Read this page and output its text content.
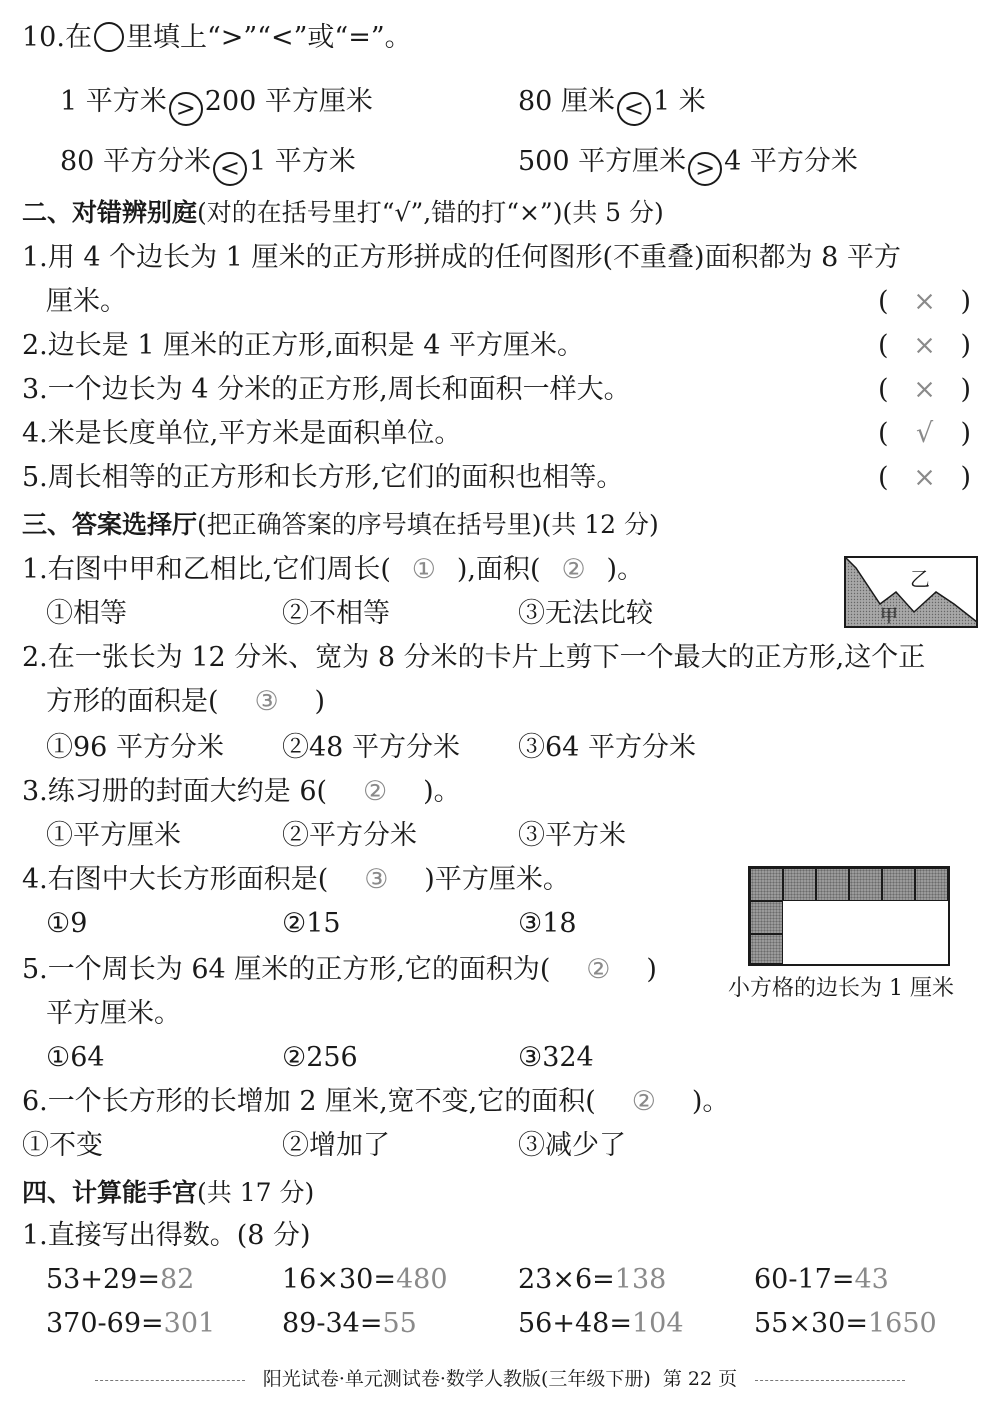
10.在 里填上“>”“<”或“=”。
1 平方米 > 200 平方厘米	80 厘米 < 1 米
80 平方分米 < 1 平方米	500 平方厘米 > 4 平方分米
二、对错辨别庭(对的在括号里打“√”,错的打“×”)(共 5 分)
1.用 4 个边长为 1 厘米的正方形拼成的任何图形(不重叠)面积都为 8 平方
厘米。	( × )
2.边长是 1 厘米的正方形,面积是 4 平方厘米。	( × )
3.一个边长为 4 分米的正方形,周长和面积一样大。	( × )
4.米是长度单位,平方米是面积单位。	( √ )
5.周长相等的正方形和长方形,它们的面积也相等。	( × )
三、答案选择厅(把正确答案的序号填在括号里)(共 12 分)
1.右图中甲和乙相比,它们周长( ① ),面积( ② )。
①相等	②不相等	③无法比较
乙
甲
2.在一张长为 12 分米、宽为 8 分米的卡片上剪下一个最大的正方形,这个正
方形的面积是( ③ )
①96 平方分米 ②48 平方分米 ③64 平方分米
3.练习册的封面大约是 6( ② )。
①平方厘米	②平方分米	③平方米
4.右图中大长方形面积是( ③ )平方厘米。
①9	②15	③18
小方格的边长为 1 厘米
5.一个周长为 64 厘米的正方形,它的面积为( ② )
平方厘米。
①64	②256	③324
6.一个长方形的长增加 2 厘米,宽不变,它的面积( ② )。
①不变	②增加了	③减少了
四、计算能手宫(共 17 分)
1.直接写出得数。(8 分)
53+29=82	16×30=480	23×6=138	60-17=43
370-69=301 89-34=55	56+48=104	55×30=1650
阳光试卷·单元测试卷·数学人教版(三年级下册) 第 22 页
